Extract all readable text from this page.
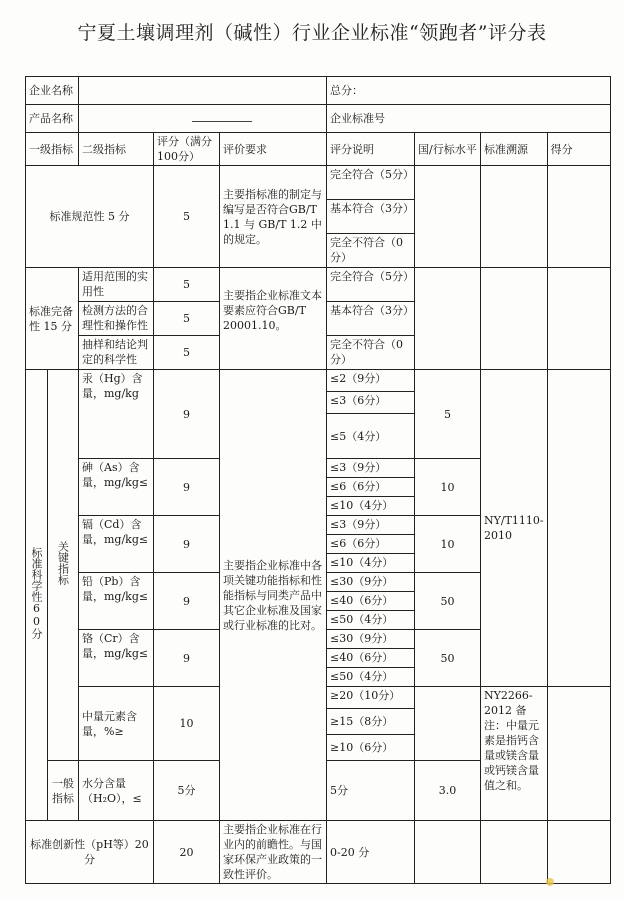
宁夏土壤调理剂（碱性）行业企业标准“领跑者”评分表
企业名称					总分：			
产品名称					企业标准号			
一级指标		二级指标	评分（满分100分）	评价要求	评分说明	国/行标水平	标准溯源	得分
标准规范性 5 分			5	主要指标准的制定与编写是否符合GB/T 1.1 与 GB/T 1.2 中的规定。	完全符合（5分）			
					基本符合（3分）			
					完全不符合（0分）			
标准完备性 15 分		适用范围的实用性	5	主要指企业标准文本要素应符合GB/T 20001.10。	完全符合（5分）			
		检测方法的合理性和操作性	5		基本符合（3分）			
		抽样和结论判定的科学性	5		完全不符合（0分）			
标准科学性60分	关键指标	汞（Hg）含量，mg/kg	9	主要指企业标准中各项关键功能指标和性能指标与同类产品中其它企业标准及国家或行业标准的比对。	≤2（9分）	5	NY/T1110-2010	
					≤3（6分）			
					≤5（4分）			
		砷（As）含量，mg/kg≤	9		≤3（9分）	10		
					≤6（6分）			
					≤10（4分）			
		镉（Cd）含量，mg/kg≤	9		≤3（9分）	10		
					≤6（6分）			
					≤10（4分）			
		铅（Pb）含量，mg/kg≤	9		≤30（9分）	50		
					≤40（6分）			
					≤50（4分）			
		铬（Cr）含量，mg/kg≤	9		≤30（9分）	50		
					≤40（6分）			
					≤50（4分）			
		中量元素含量，%≥	10		≥20（10分）		NY2266-2012 备注：中量元素是指钙含量或镁含量或钙镁含量值之和。	
					≥15（8分）			
					≥10（6分）			
	一般指标	水分含量（H₂O），≤	5分		5分	3.0		

标准创新性（pH等）20 分			20	主要指企业标准在行业内的前瞻性。与国家环保产业政策的一致性评价。	0-20 分			
